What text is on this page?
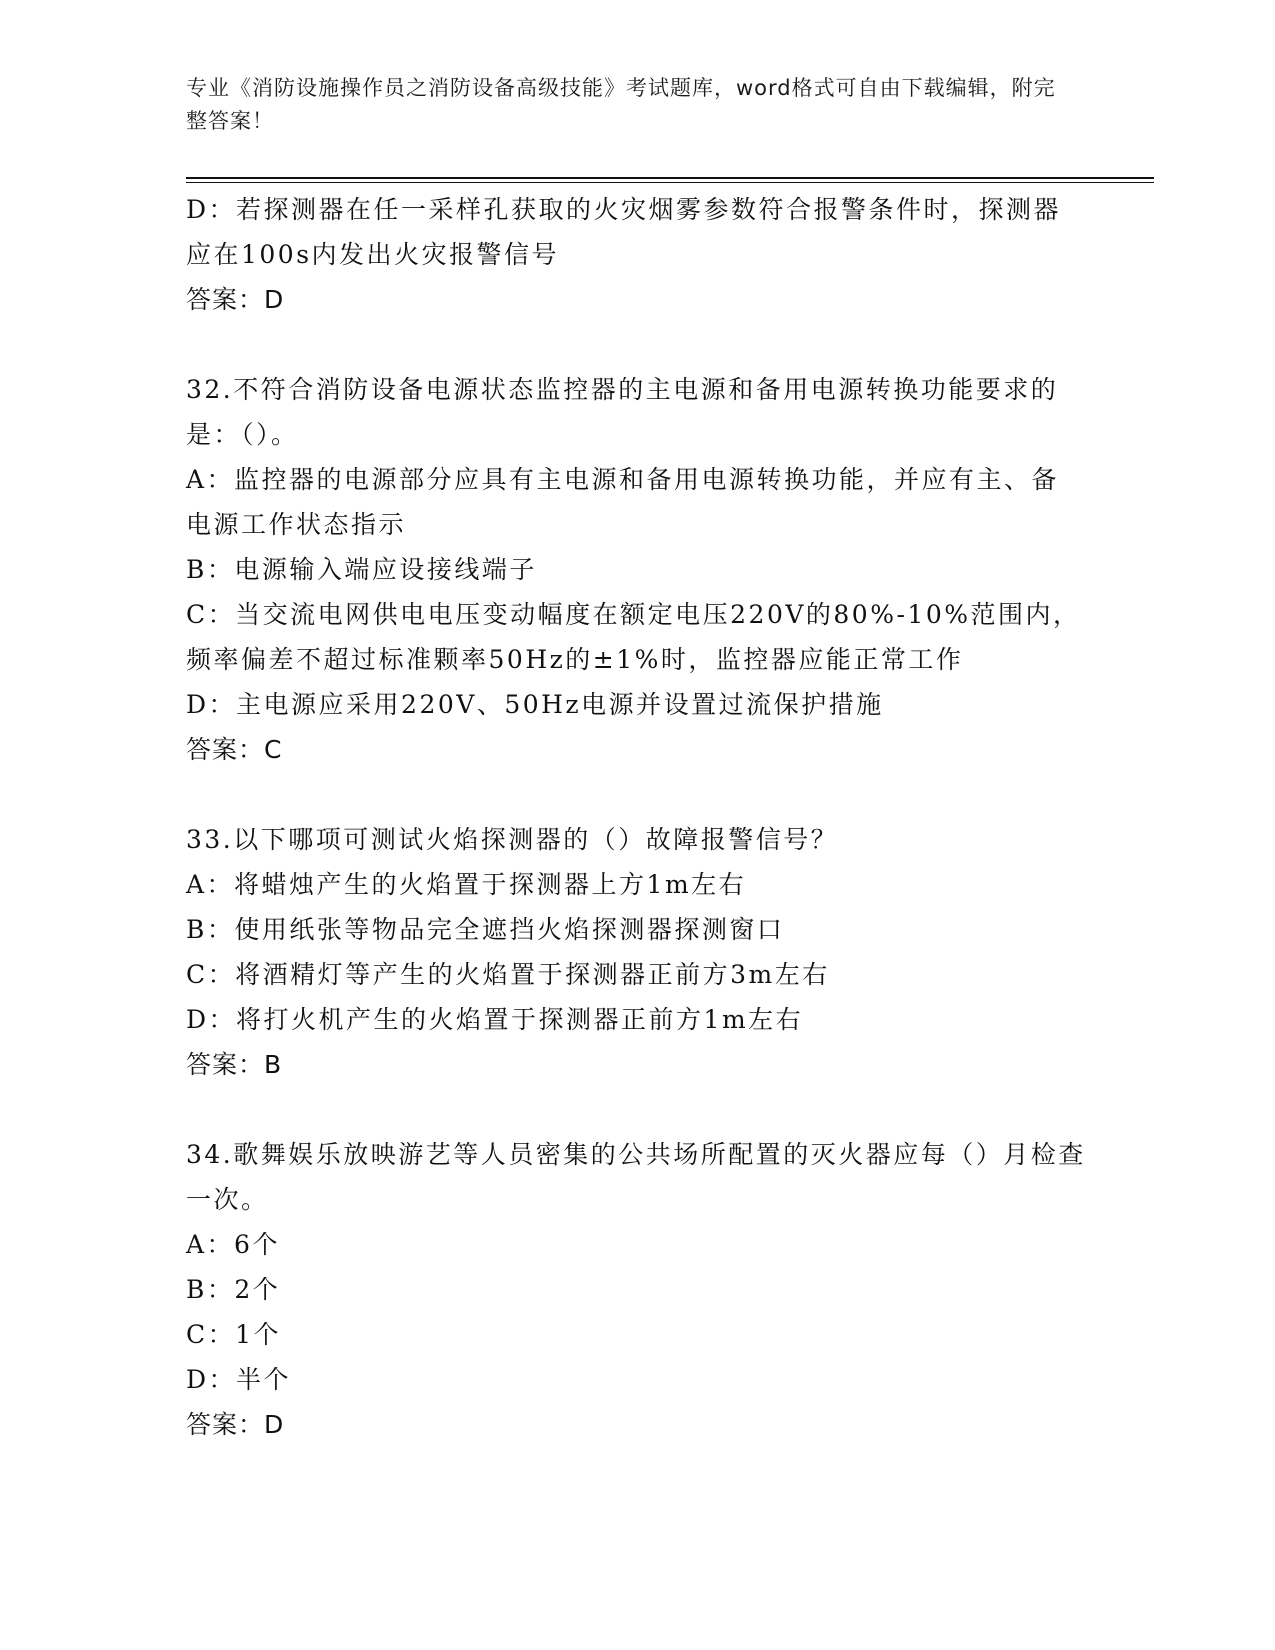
专业《消防设施操作员之消防设备高级技能》考试题库，word格式可自由下载编辑，附完整答案！
D：若探测器在任一采样孔获取的火灾烟雾参数符合报警条件时，探测器应在100s内发出火灾报警信号
答案：D
32.不符合消防设备电源状态监控器的主电源和备用电源转换功能要求的是：（）。
A：监控器的电源部分应具有主电源和备用电源转换功能，并应有主、备电源工作状态指示
B：电源输入端应设接线端子
C：当交流电网供电电压变动幅度在额定电压220V的80%-10%范围内，频率偏差不超过标准颗率50Hz的±1%时，监控器应能正常工作
D：主电源应采用220V、50Hz电源并设置过流保护措施
答案：C
33.以下哪项可测试火焰探测器的（）故障报警信号？
A：将蜡烛产生的火焰置于探测器上方1m左右
B：使用纸张等物品完全遮挡火焰探测器探测窗口
C：将酒精灯等产生的火焰置于探测器正前方3m左右
D：将打火机产生的火焰置于探测器正前方1m左右
答案：B
34.歌舞娱乐放映游艺等人员密集的公共场所配置的灭火器应每（）月检查一次。
A：6个
B：2个
C：1个
D：半个
答案：D
